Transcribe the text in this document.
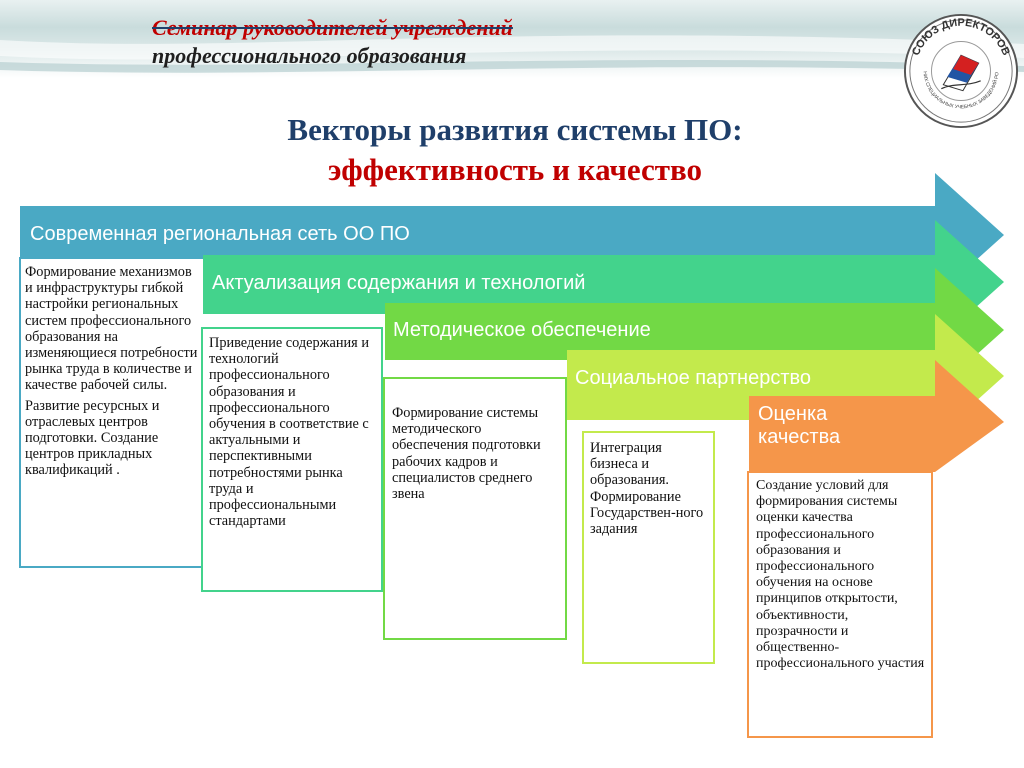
Семинар руководителей учреждений
профессионального образования	СОЮЗ ДИРЕКТОРОВ
НИХ СПЕЦИАЛЬНЫХ УЧЕБНЫХ ЗАВЕДЕНИЙ РО
Векторы развития системы ПО:
эффективность и качество
Современная региональная сеть ОО ПО
Актуализация содержания и технологий
Методическое обеспечение
Социальное партнерство
Оценка
качества

Формирование механизмов и инфраструктуры гибкой настройки региональных систем профессионального образования на изменяющиеся потребности рынка труда в количестве и качестве рабочей силы.

Развитие ресурсных и отраслевых центров подготовки. Создание центров прикладных квалификаций .

Приведение содержания и технологий профессионального образования и профессионального обучения в соответствие с актуальными и перспективными потребностями рынка труда и профессиональными стандартами

Формирование системы методического обеспечения подготовки рабочих кадров и специалистов среднего звена

Интеграция бизнеса и образования. Формирование Государствен-ного задания

Создание условий для формирования системы оценки качества профессионального образования и профессионального обучения на основе принципов открытости, объективности, прозрачности и общественно-профессионального участия
